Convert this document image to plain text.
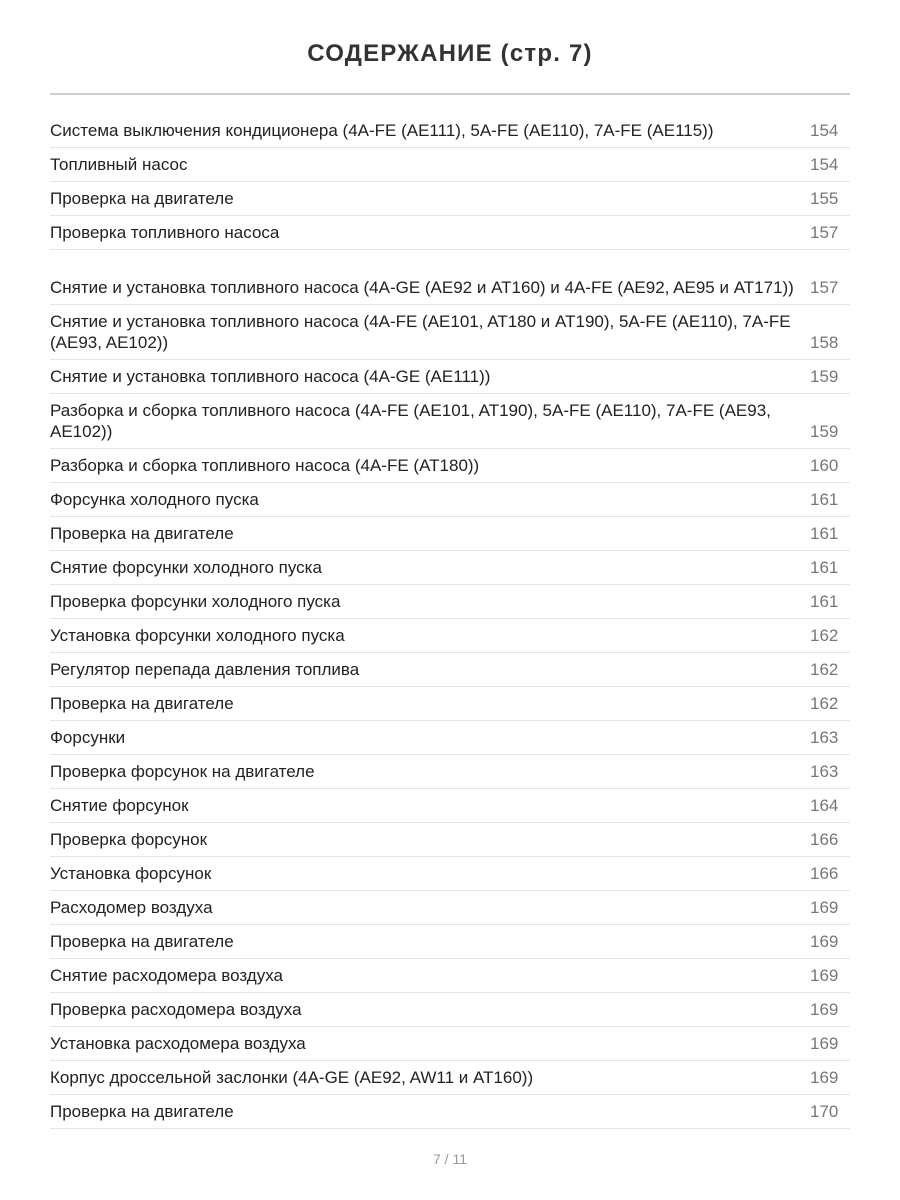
СОДЕРЖАНИЕ (стр. 7)
Система выключения кондиционера (4A-FE (AE111), 5A-FE (AE110), 7A-FE (AE115))	154
Топливный насос	154
Проверка на двигателе	155
Проверка топливного насоса	157
Снятие и установка топливного насоса (4A-GE (AE92 и AT160) и 4A-FE (AE92, AE95 и AT171)) 157
Снятие и установка топливного насоса (4A-FE (AE101, AT180 и AT190), 5A-FE (AE110), 7A-FE (AE93, AE102))	158
Снятие и установка топливного насоса (4A-GE (AE111))	159
Разборка и сборка топливного насоса (4A-FE (AE101, AT190), 5A-FE (AE110), 7A-FE (AE93, AE102))	159
Разборка и сборка топливного насоса (4A-FE (AT180))	160
Форсунка холодного пуска	161
Проверка на двигателе	161
Снятие форсунки холодного пуска	161
Проверка форсунки холодного пуска	161
Установка форсунки холодного пуска	162
Регулятор перепада давления топлива	162
Проверка на двигателе	162
Форсунки	163
Проверка форсунок на двигателе	163
Снятие форсунок	164
Проверка форсунок	166
Установка форсунок	166
Расходомер воздуха	169
Проверка на двигателе	169
Снятие расходомера воздуха	169
Проверка расходомера воздуха	169
Установка расходомера воздуха	169
Корпус дроссельной заслонки (4A-GE (AE92, AW11 и AT160))	169
Проверка на двигателе	170
7 / 11
